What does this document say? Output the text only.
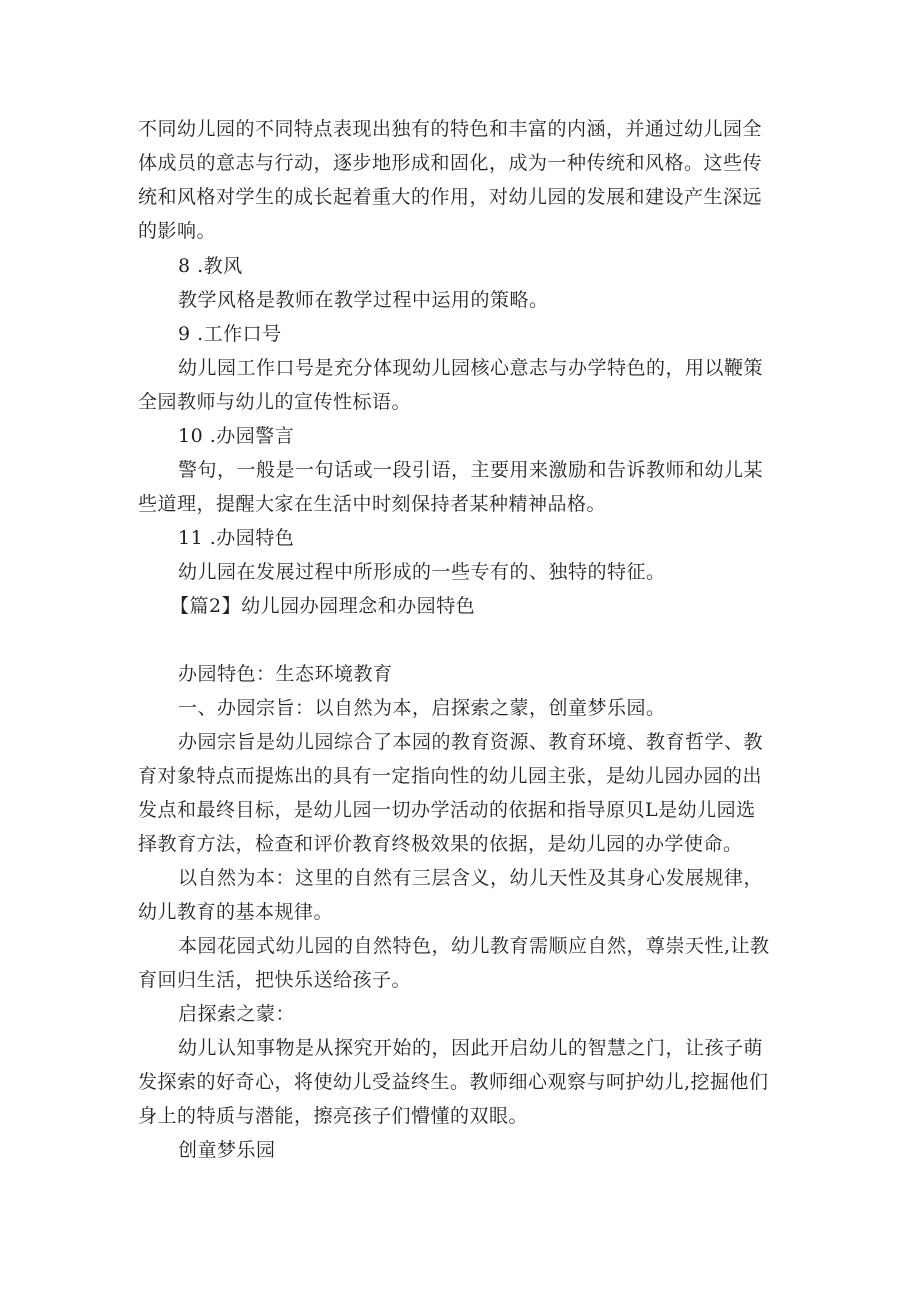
不同幼儿园的不同特点表现出独有的特色和丰富的内涵，并通过幼儿园全
体成员的意志与行动，逐步地形成和固化，成为一种传统和风格。这些传
统和风格对学生的成长起着重大的作用，对幼儿园的发展和建设产生深远
的影响。
8 .教风
教学风格是教师在教学过程中运用的策略。
9 .工作口号
幼儿园工作口号是充分体现幼儿园核心意志与办学特色的，用以鞭策
全园教师与幼儿的宣传性标语。
10 .办园警言
警句，一般是一句话或一段引语，主要用来激励和告诉教师和幼儿某
些道理，提醒大家在生活中时刻保持者某种精神品格。
11 .办园特色
幼儿园在发展过程中所形成的一些专有的、独特的特征。
【篇2】幼儿园办园理念和办园特色
办园特色：生态环境教育
一、办园宗旨：以自然为本，启探索之蒙，创童梦乐园。
办园宗旨是幼儿园综合了本园的教育资源、教育环境、教育哲学、教
育对象特点而提炼出的具有一定指向性的幼儿园主张，是幼儿园办园的出
发点和最终目标，是幼儿园一切办学活动的依据和指导原贝L是幼儿园选
择教育方法，检查和评价教育终极效果的依据，是幼儿园的办学使命。
以自然为本：这里的自然有三层含义，幼儿天性及其身心发展规律，
幼儿教育的基本规律。
本园花园式幼儿园的自然特色，幼儿教育需顺应自然，尊崇天性,让教
育回归生活，把快乐送给孩子。
启探索之蒙：
幼儿认知事物是从探究开始的，因此开启幼儿的智慧之门，让孩子萌
发探索的好奇心，将使幼儿受益终生。教师细心观察与呵护幼儿,挖掘他们
身上的特质与潜能，擦亮孩子们懵懂的双眼。
创童梦乐园
